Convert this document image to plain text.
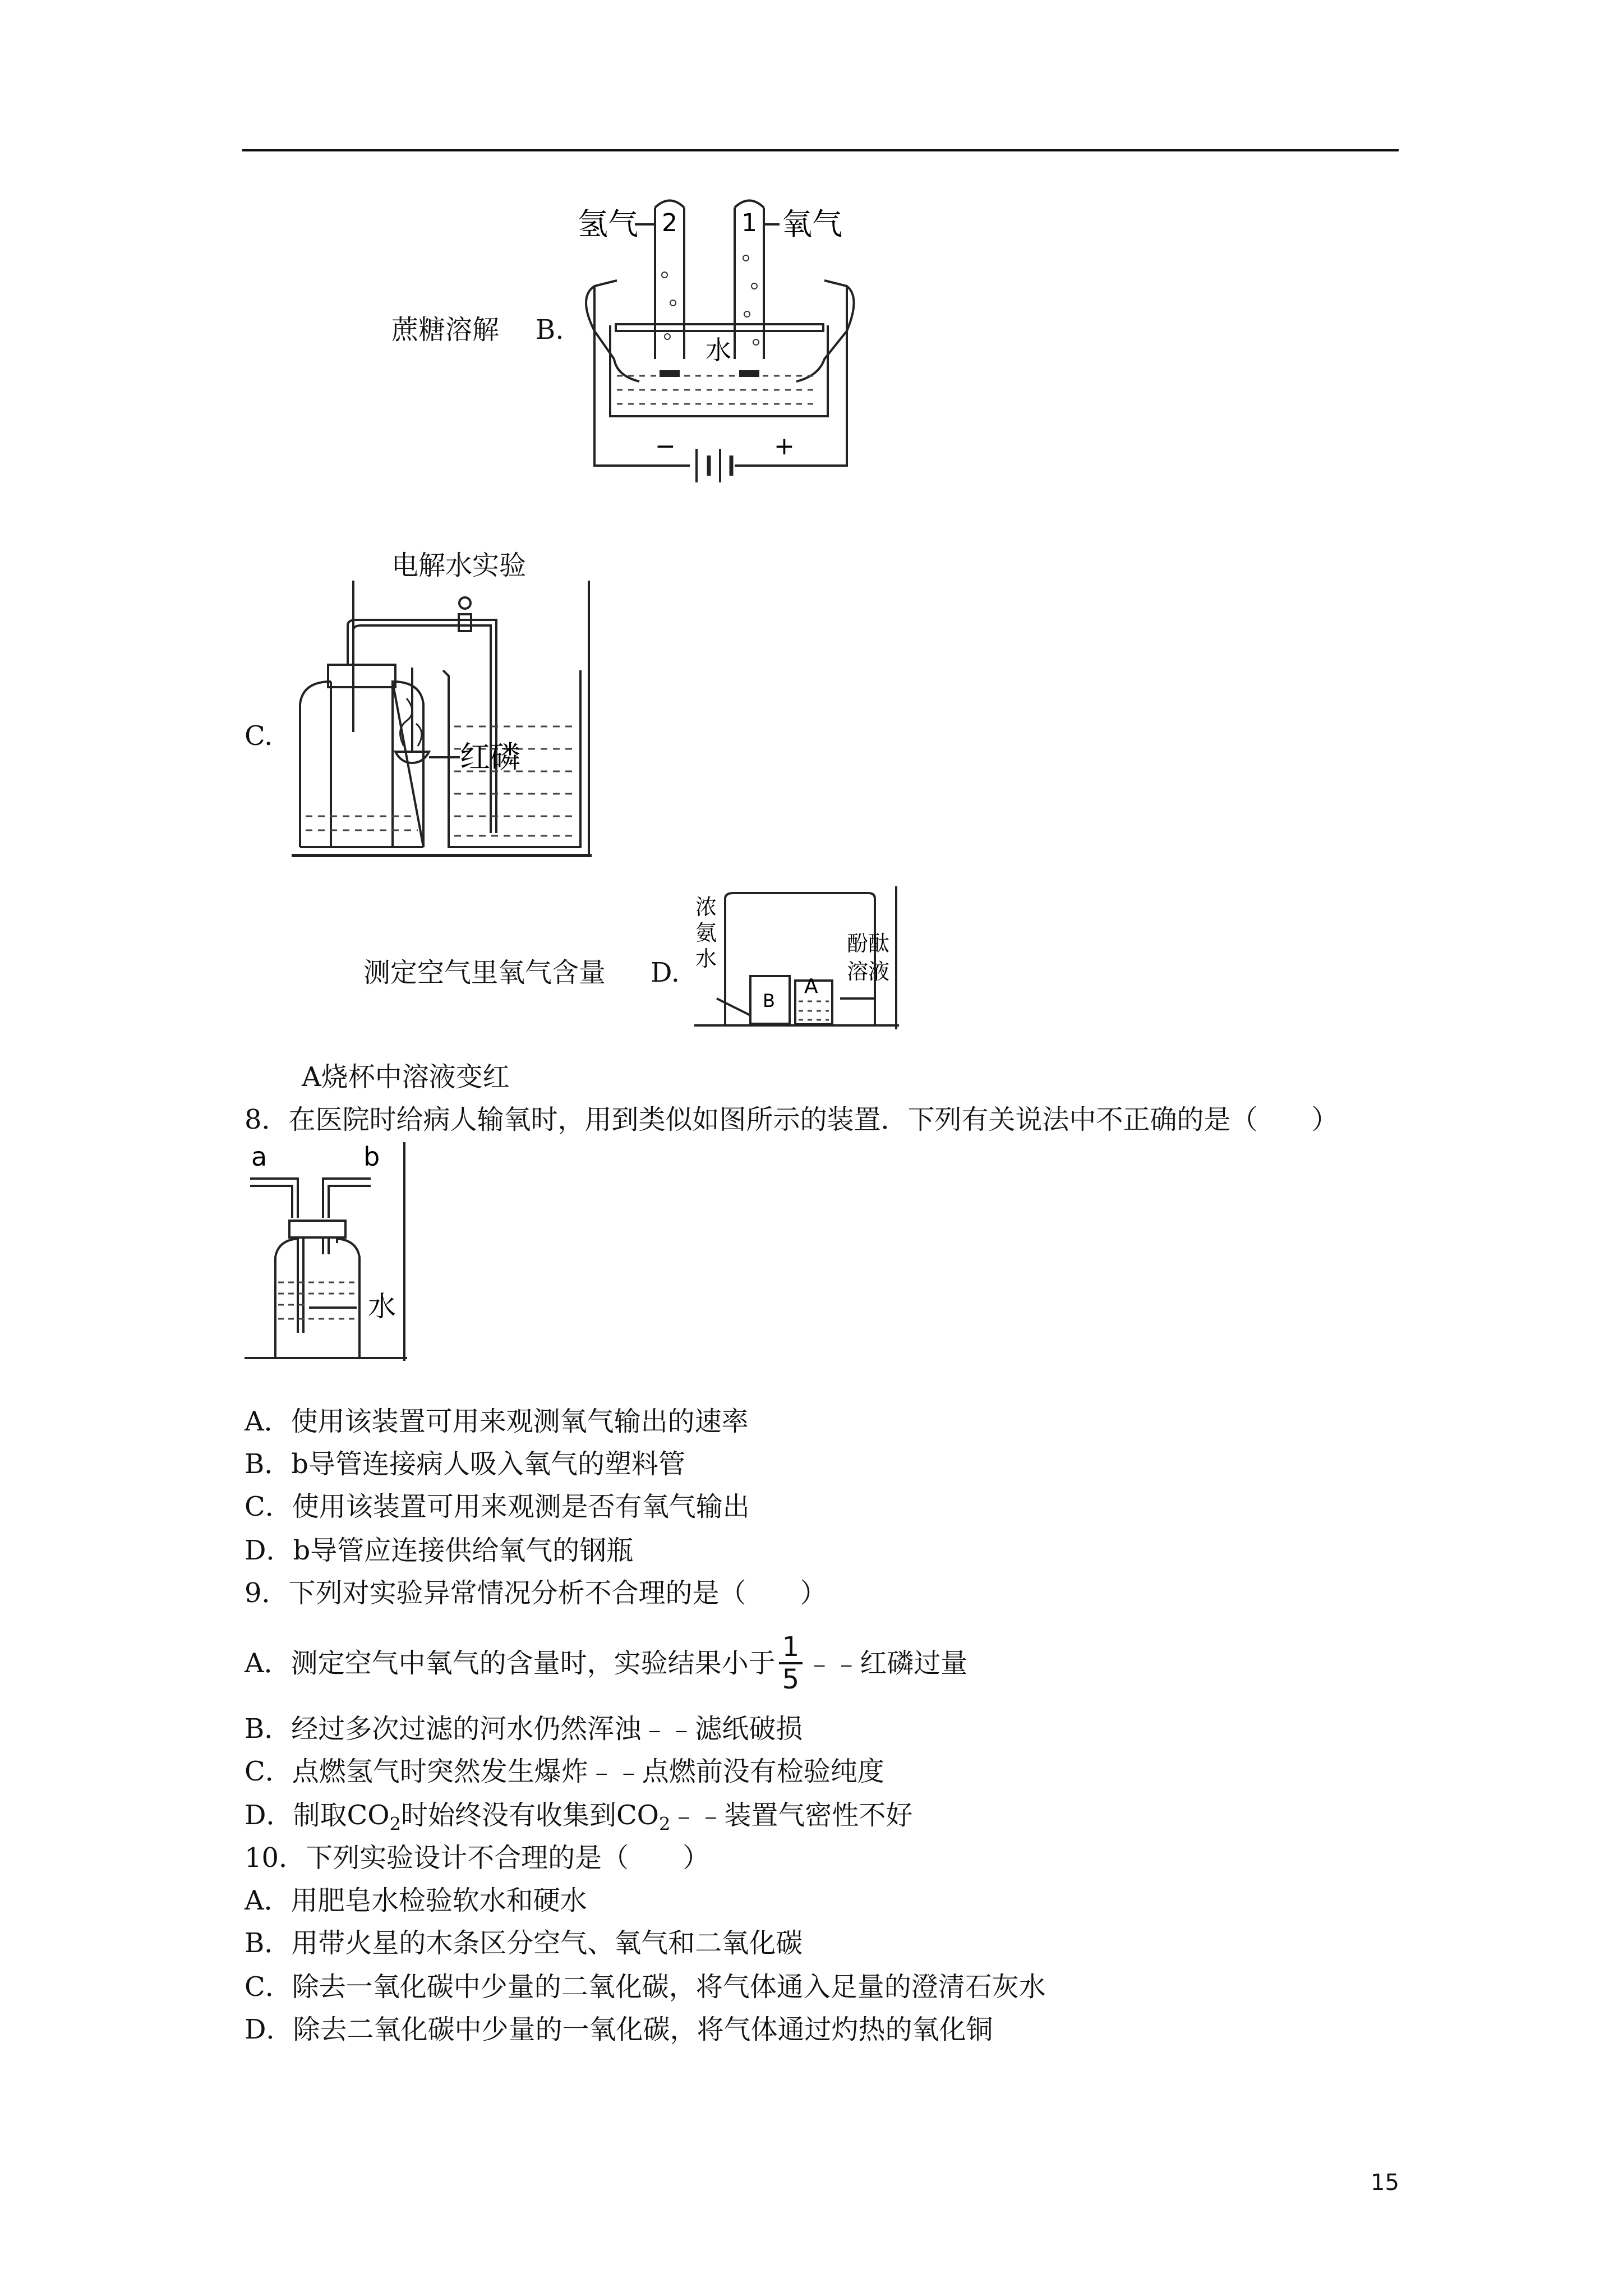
蔗糖溶解 B.
氢气 2	1 氧气
水
−	+
电解水实验
C.
红磷
测定空气里氧气含量 D.
浓
氨
水
酚酞
溶液
B
A
A烧杯中溶液变红
8．在医院时给病人输氧时，用到类似如图所示的装置．下列有关说法中不正确的是（　　）
a	b
水
A．使用该装置可用来观测氧气输出的速率
B．b导管连接病人吸入氧气的塑料管
C．使用该装置可用来观测是否有氧气输出
D．b导管应连接供给氧气的钢瓶
9．下列对实验异常情况分析不合理的是（　　）
A．测定空气中氧气的含量时，实验结果小于 $\frac{1}{5}$ ﹣﹣红磷过量
B．经过多次过滤的河水仍然浑浊﹣﹣滤纸破损
C．点燃氢气时突然发生爆炸﹣﹣点燃前没有检验纯度
D．制取$CO_2$时始终没有收集到$CO_2﹣﹣$装置气密性不好
10．下列实验设计不合理的是（　　）
A．用肥皂水检验软水和硬水
B．用带火星的木条区分空气、氧气和二氧化碳
C．除去一氧化碳中少量的二氧化碳，将气体通入足量的澄清石灰水
D．除去二氧化碳中少量的一氧化碳，将气体通过灼热的氧化铜
15
